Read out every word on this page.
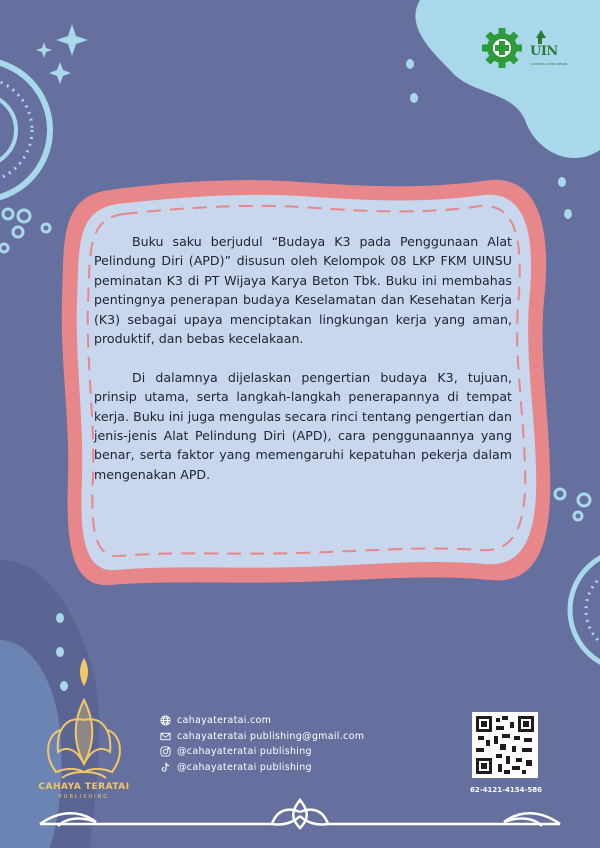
UIN
SUMATERA UTARA MEDAN

Buku saku berjudul “Budaya K3 pada Penggunaan Alat Pelindung Diri (APD)” disusun oleh Kelompok 08 LKP FKM UINSU peminatan K3 di PT Wijaya Karya Beton Tbk. Buku ini membahas pentingnya penerapan budaya Keselamatan dan Kesehatan Kerja (K3) sebagai upaya menciptakan lingkungan kerja yang aman, produktif, dan bebas kecelakaan.

Di dalamnya dijelaskan pengertian budaya K3, tujuan, prinsip utama, serta langkah-langkah penerapannya di tempat kerja. Buku ini juga mengulas secara rinci tentang pengertian dan jenis-jenis Alat Pelindung Diri (APD), cara penggunaannya yang benar, serta faktor yang memengaruhi kepatuhan pekerja dalam mengenakan APD.

cahayateratai.com
cahayateratai publishing@gmail.com
@cahayateratai publishing
@cahayateratai publishing
62-4121-4154-586
CAHAYA TERATAI
PUBLISHING
